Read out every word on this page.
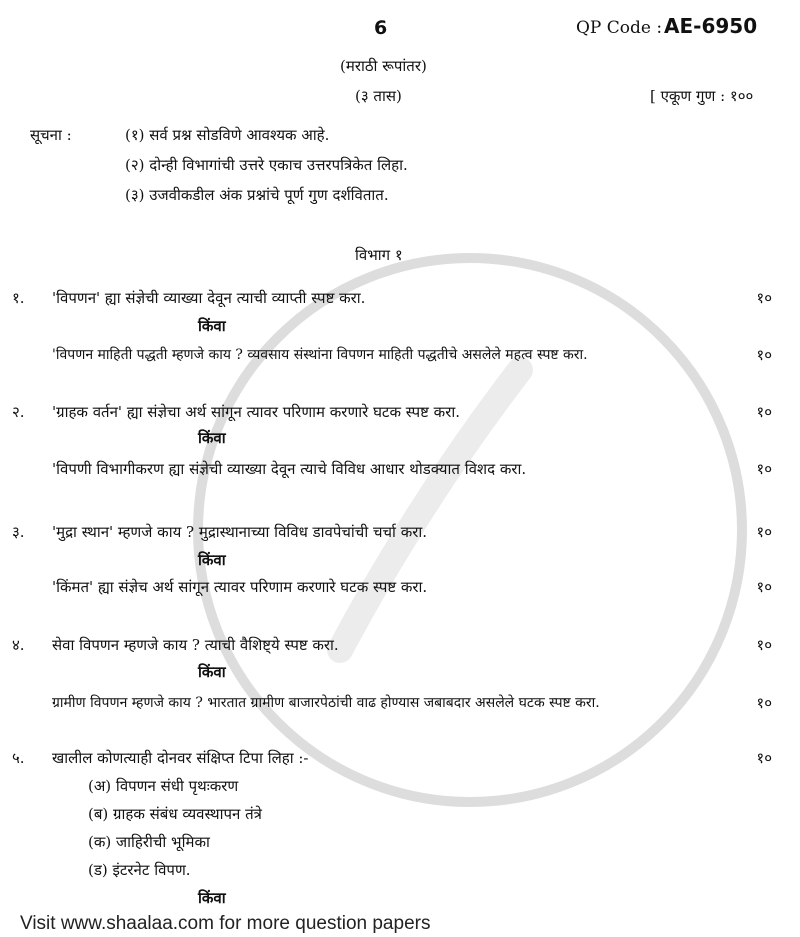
6	QP Code : AE-6950
(मराठी रूपांतर)
(३ तास)	[ एकूण गुण : १००
सूचना :	(१) सर्व प्रश्न सोडविणे आवश्यक आहे.
(२) दोन्ही विभागांची उत्तरे एकाच उत्तरपत्रिकेत लिहा.
(३) उजवीकडील अंक प्रश्नांचे पूर्ण गुण दर्शवितात.
विभाग १
१. 'विपणन' ह्या संज्ञेची व्याख्या देवून त्याची व्याप्ती स्पष्ट करा.	१०
किंवा
'विपणन माहिती पद्धती म्हणजे काय ? व्यवसाय संस्थांना विपणन माहिती पद्धतीचे असलेले महत्व स्पष्ट करा.	१०
२. 'ग्राहक वर्तन' ह्या संज्ञेचा अर्थ सांगून त्यावर परिणाम करणारे घटक स्पष्ट करा.	१०
किंवा
'विपणी विभागीकरण ह्या संज्ञेची व्याख्या देवून त्याचे विविध आधार थोडक्यात विशद करा.	१०
३. 'मुद्रा स्थान' म्हणजे काय ? मुद्रास्थानाच्या विविध डावपेचांची चर्चा करा.	१०
किंवा
'किंमत' ह्या संज्ञेच अर्थ सांगून त्यावर परिणाम करणारे घटक स्पष्ट करा.	१०
४. सेवा विपणन म्हणजे काय ? त्याची वैशिष्ट्ये स्पष्ट करा.	१०
किंवा
ग्रामीण विपणन म्हणजे काय ? भारतात ग्रामीण बाजारपेठांची वाढ होण्यास जबाबदार असलेले घटक स्पष्ट करा.	१०
५. खालील कोणत्याही दोनवर संक्षिप्त टिपा लिहा :-	१०
(अ) विपणन संधी पृथःकरण
(ब) ग्राहक संबंध व्यवस्थापन तंत्रे
(क) जाहिरीची भूमिका
(ड) इंटरनेट विपण.
किंवा
Visit www.shaalaa.com for more question papers
